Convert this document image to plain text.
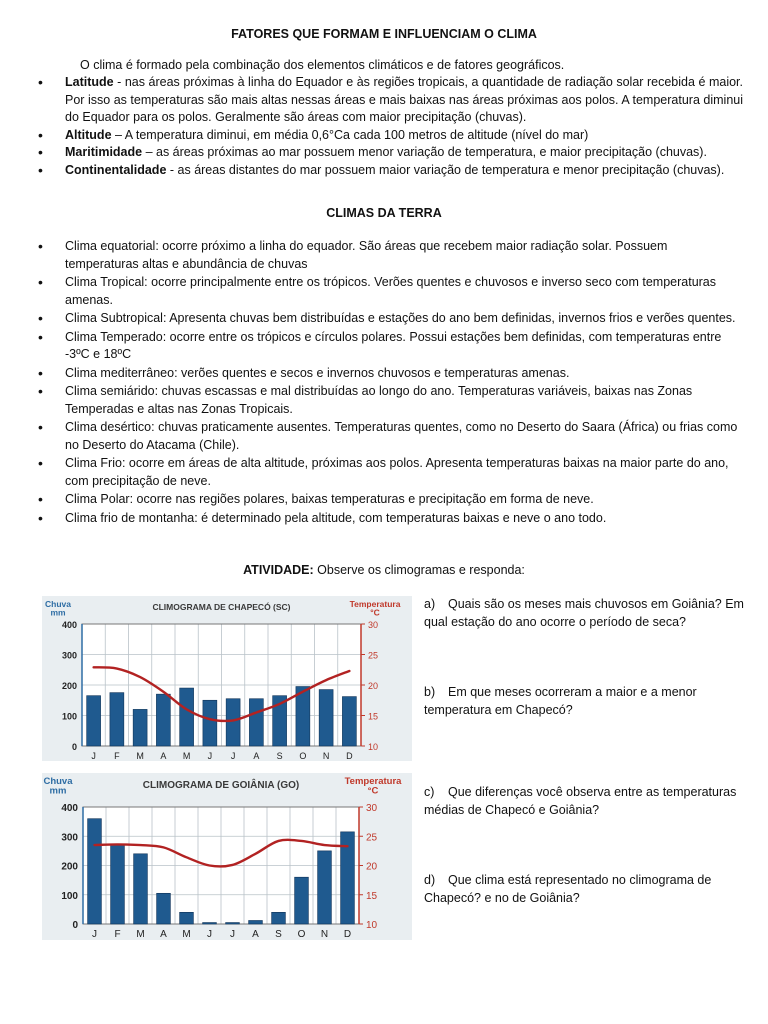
FATORES QUE FORMAM E INFLUENCIAM O CLIMA
O clima é formado pela combinação dos elementos climáticos e de fatores geográficos.
• Latitude - nas áreas próximas à linha do Equador e às regiões tropicais, a quantidade de radiação solar recebida é maior. Por isso as temperaturas são mais altas nessas áreas e mais baixas nas áreas próximas aos polos. A temperatura diminui do Equador para os polos. Geralmente são áreas com maior precipitação (chuvas).
• Altitude – A temperatura diminui, em média 0,6°Ca cada 100 metros de altitude (nível do mar)
• Maritimidade – as áreas próximas ao mar possuem menor variação de temperatura, e maior precipitação (chuvas).
• Continentalidade - as áreas distantes do mar possuem maior variação de temperatura e menor precipitação (chuvas).
CLIMAS DA TERRA
• Clima equatorial: ocorre próximo a linha do equador. São áreas que recebem maior radiação solar. Possuem temperaturas altas e abundância de chuvas
• Clima Tropical: ocorre principalmente entre os trópicos. Verões quentes e chuvosos e inverso seco com temperaturas amenas.
• Clima Subtropical: Apresenta chuvas bem distribuídas e estações do ano bem definidas, invernos frios e verões quentes.
• Clima Temperado: ocorre entre os trópicos e círculos polares. Possui estações bem definidas, com temperaturas entre -3ºC e 18ºC
• Clima mediterrâneo: verões quentes e secos e invernos chuvosos e temperaturas amenas.
• Clima semiárido: chuvas escassas e mal distribuídas ao longo do ano. Temperaturas variáveis, baixas nas Zonas Temperadas e altas nas Zonas Tropicais.
• Clima desértico: chuvas praticamente ausentes. Temperaturas quentes, como no Deserto do Saara (África) ou frias como no Deserto do Atacama (Chile).
• Clima Frio: ocorre em áreas de alta altitude, próximas aos polos. Apresenta temperaturas baixas na maior parte do ano, com precipitação de neve.
• Clima Polar: ocorre nas regiões polares, baixas temperaturas e precipitação em forma de neve.
• Clima frio de montanha: é determinado pela altitude, com temperaturas baixas e neve o ano todo.
ATIVIDADE: Observe os climogramas e responda:
0
100
200
300
400
10
15
20
25
30
J F M A M J J A S O N D
CLIMOGRAMA DE CHAPECÓ (SC)
Chuva
mm
Temperatura
°C
0
100
200
300
400
10
15
20
25
30
J F M A M J J A S O N D
CLIMOGRAMA DE GOIÂNIA (GO)
Chuva
mm
Temperatura
°C
a) Quais são os meses mais chuvosos em Goiânia? Em qual estação do ano ocorre o período de seca?
b) Em que meses ocorreram a maior e a menor temperatura em Chapecó?
c) Que diferenças você observa entre as temperaturas médias de Chapecó e Goiânia?
d) Que clima está representado no climograma de Chapecó? e no de Goiânia?
